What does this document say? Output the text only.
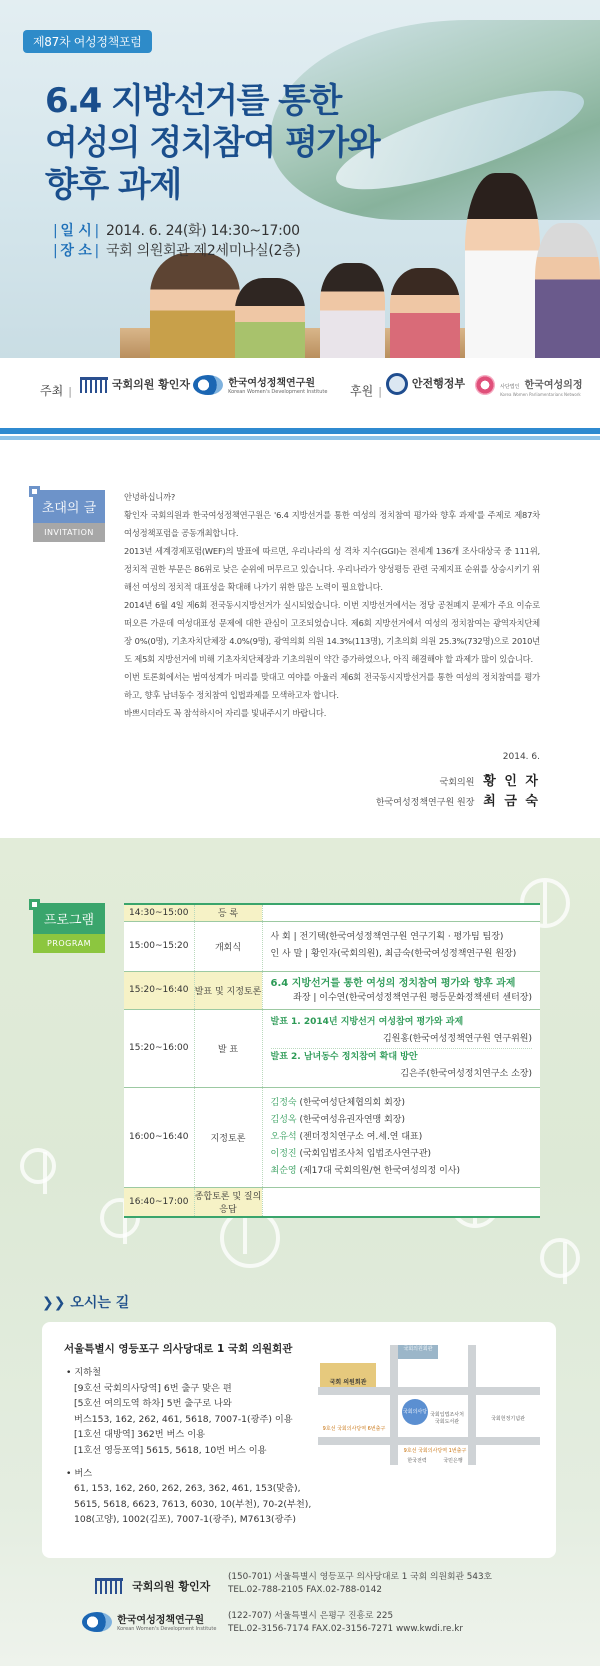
제87차 여성정책포럼
6.4 지방선거를 통한
여성의 정치참여 평가와
향후 과제
| 일 시 | 2014. 6. 24(화) 14:30~17:00
| 장 소 | 국회 의원회관 제2세미나실(2층)
주최 |
국회의원 황인자
	한국여성정책연구원
Korean Women's Development Institute 후원 |
안전행정부	사단법인 한국여성의정
Korea Women Parliamentarians Network
초대의 글
INVITATION

안녕하십니까?

황인자 국회의원과 한국여성정책연구원은 '6.4 지방선거를 통한 여성의 정치참여 평가와 향후 과제'를 주제로 제87차 여성정책포럼을 공동개최합니다.

2013년 세계경제포럼(WEF)의 발표에 따르면, 우리나라의 성 격차 지수(GGI)는 전세계 136개 조사대상국 중 111위, 정치적 권한 부문은 86위로 낮은 순위에 머무르고 있습니다. 우리나라가 양성평등 관련 국제지표 순위를 상승시키기 위해선 여성의 정치적 대표성을 확대해 나가기 위한 많은 노력이 필요합니다.

2014년 6월 4일 제6회 전국동시지방선거가 실시되었습니다. 이번 지방선거에서는 정당 공천폐지 문제가 주요 이슈로 떠오른 가운데 여성대표성 문제에 대한 관심이 고조되었습니다. 제6회 지방선거에서 여성의 정치참여는 광역자치단체장 0%(0명), 기초자치단체장 4.0%(9명), 광역의회 의원 14.3%(113명), 기초의회 의원 25.3%(732명)으로 2010년도 제5회 지방선거에 비해 기초자치단체장과 기초의원이 약간 증가하였으나, 아직 해결해야 할 과제가 많이 있습니다.

이번 토론회에서는 범여성계가 머리를 맞대고 여야를 아울러 제6회 전국동시지방선거를 통한 여성의 정치참여를 평가하고, 향후 남녀동수 정치참여 입법과제를 모색하고자 합니다.

바쁘시더라도 꼭 참석하시어 자리를 빛내주시기 바랍니다.

2014. 6.
국회의원 황 인 자
한국여성정책연구원 원장 최 금 숙
프로그램
PROGRAM
14:30~15:00	등 록	
15:00~15:20	개회식	사 회 | 전기택(한국여성정책연구원 연구기획 · 평가팀 팀장)
인 사 말 | 황인자(국회의원), 최금숙(한국여성정책연구원 원장)

15:20~16:40	발표 및 지정토론	6.4 지방선거를 통한 여성의 정치참여 평가와 향후 과제
좌장 | 이수연(한국여성정책연구원 평등문화정책센터 센터장)

15:20~16:00	발 표	발표 1. 2014년 지방선거 여성참여 평가와 과제
김원홍(한국여성정책연구원 연구위원)
발표 2. 남녀동수 정치참여 확대 방안
김은주(한국여성정치연구소 소장)

16:00~16:40	지정토론	김정숙 (한국여성단체협의회 회장)
김성옥 (한국여성유권자연맹 회장)
오유석 (젠더정치연구소 여.세.연 대표)
이정진 (국회입법조사처 입법조사연구관)
최순영 (제17대 국회의원/현 한국여성의정 이사)

16:40~17:00	종합토론 및 질의응답	
❯❯ 오시는 길
서울특별시 영등포구 의사당대로 1 국회 의원회관
• 지하철
[9호선 국회의사당역] 6번 출구 맞은 편
[5호선 여의도역 하차] 5번 출구로 나와
버스153, 162, 262, 461, 5618, 7007-1(광주) 이용
[1호선 대방역] 362번 버스 이용
[1호선 영등포역] 5615, 5618, 10번 버스 이용
• 버스
61, 153, 162, 260, 262, 263, 362, 461, 153(맞춤),
5615, 5618, 6623, 7613, 6030, 10(부천), 70-2(부천),
108(고양), 1002(김포), 7007-1(광주), M7613(광주)
국회의원회관
국회 의원회관
국회의사당 국회입법조사처 국회도서관	국회헌정기념관
9호선 국회의사당역 6번출구
9호선 국회의사당역 1번출구
한국전력	국민은행
국회의원 황인자
(150-701) 서울특별시 영등포구 의사당대로 1 국회 의원회관 543호
TEL.02-788-2105 FAX.02-788-0142

한국여성정책연구원
Korean Women's Development Institute
(122-707) 서울특별시 은평구 진흥로 225
TEL.02-3156-7174 FAX.02-3156-7271 www.kwdi.re.kr
